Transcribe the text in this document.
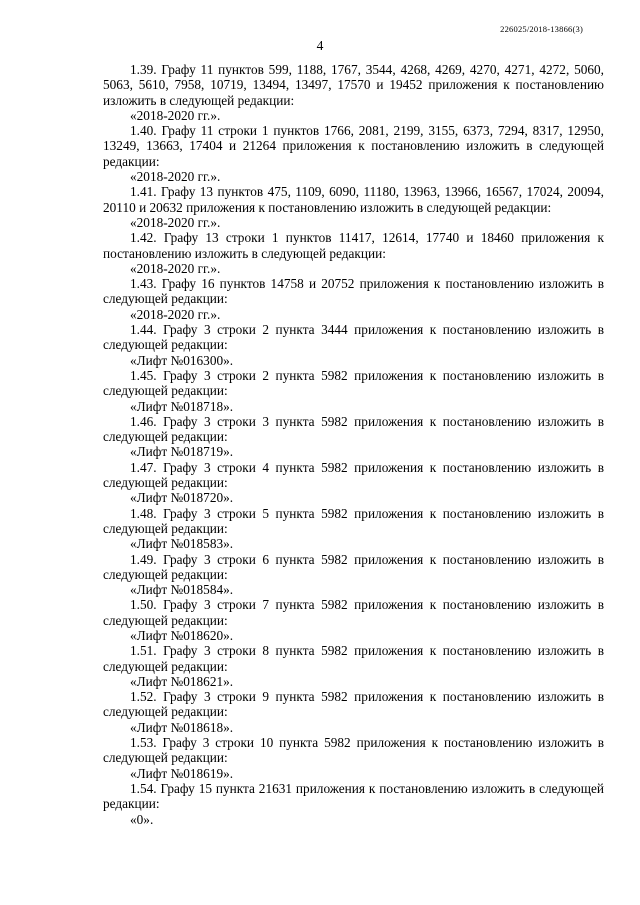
226025/2018-13866(3)
4

1.39. Графу 11 пунктов 599, 1188, 1767, 3544, 4268, 4269, 4270, 4271, 4272, 5060, 5063, 5610, 7958, 10719, 13494, 13497, 17570 и 19452 приложения к постановлению изложить в следующей редакции:

«2018-2020 гг.».

1.40. Графу 11 строки 1 пунктов 1766, 2081, 2199, 3155, 6373, 7294, 8317, 12950, 13249, 13663, 17404 и 21264 приложения к постановлению изложить в следующей редакции:

«2018-2020 гг.».

1.41. Графу 13 пунктов 475, 1109, 6090, 11180, 13963, 13966, 16567, 17024, 20094, 20110 и 20632 приложения к постановлению изложить в следующей редакции:

«2018-2020 гг.».

1.42. Графу 13 строки 1 пунктов 11417, 12614, 17740 и 18460 приложения к постановлению изложить в следующей редакции:

«2018-2020 гг.».

1.43. Графу 16 пунктов 14758 и 20752 приложения к постановлению изложить в следующей редакции:

«2018-2020 гг.».

1.44. Графу 3 строки 2 пункта 3444 приложения к постановлению изложить в следующей редакции:

«Лифт №016300».

1.45. Графу 3 строки 2 пункта 5982 приложения к постановлению изложить в следующей редакции:

«Лифт №018718».

1.46. Графу 3 строки 3 пункта 5982 приложения к постановлению изложить в следующей редакции:

«Лифт №018719».

1.47. Графу 3 строки 4 пункта 5982 приложения к постановлению изложить в следующей редакции:

«Лифт №018720».

1.48. Графу 3 строки 5 пункта 5982 приложения к постановлению изложить в следующей редакции:

«Лифт №018583».

1.49. Графу 3 строки 6 пункта 5982 приложения к постановлению изложить в следующей редакции:

«Лифт №018584».

1.50. Графу 3 строки 7 пункта 5982 приложения к постановлению изложить в следующей редакции:

«Лифт №018620».

1.51. Графу 3 строки 8 пункта 5982 приложения к постановлению изложить в следующей редакции:

«Лифт №018621».

1.52. Графу 3 строки 9 пункта 5982 приложения к постановлению изложить в следующей редакции:

«Лифт №018618».

1.53. Графу 3 строки 10 пункта 5982 приложения к постановлению изложить в следующей редакции:

«Лифт №018619».

1.54. Графу 15 пункта 21631 приложения к постановлению изложить в следующей редакции:

«0».
